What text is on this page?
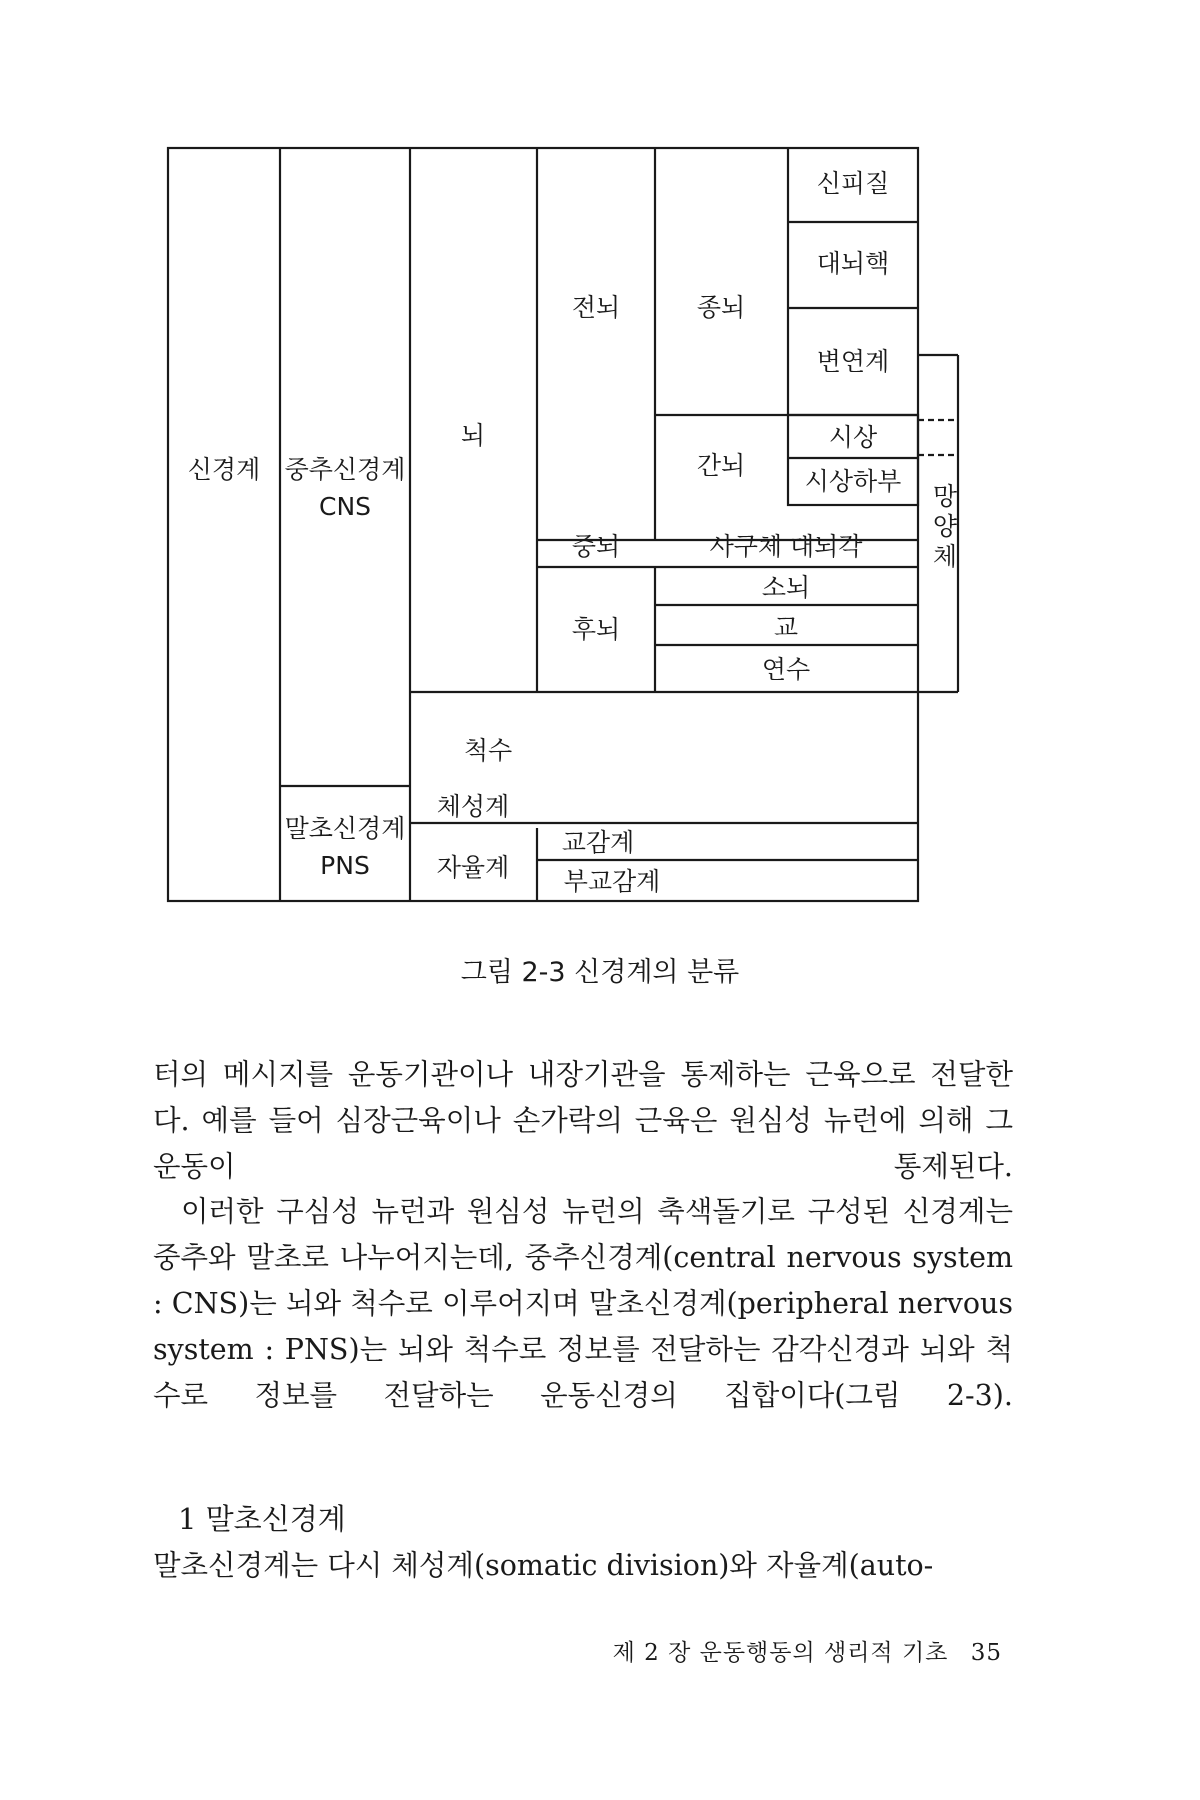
신경계 중추신경계
CNS
뇌
전뇌	종뇌
신피질
대뇌핵
변연계
간뇌
시상
시상하부
중뇌	사구체 대뇌각
후뇌
소뇌
교
연수
척수
말초신경계
PNS
체성계
자율계
교감계
부교감계
망 양 체
그림 2-3 신경계의 분류

터의 메시지를 운동기관이나 내장기관을 통제하는 근육으로 전달한 다. 예를 들어 심장근육이나 손가락의 근육은 원심성 뉴런에 의해 그 운동이 통제된다.

이러한 구심성 뉴런과 원심성 뉴런의 축색돌기로 구성된 신경계는 중추와 말초로 나누어지는데, 중추신경계(central nervous system : CNS)는 뇌와 척수로 이루어지며 말초신경계(peripheral nervous system : PNS)는 뇌와 척수로 정보를 전달하는 감각신경과 뇌와 척수로 정보를 전달하는 운동신경의 집합이다(그림 2-3).

1 말초신경계

말초신경계는 다시 체성계(somatic division)와 자율계(auto-

제 2 장 운동행동의 생리적 기초 35
